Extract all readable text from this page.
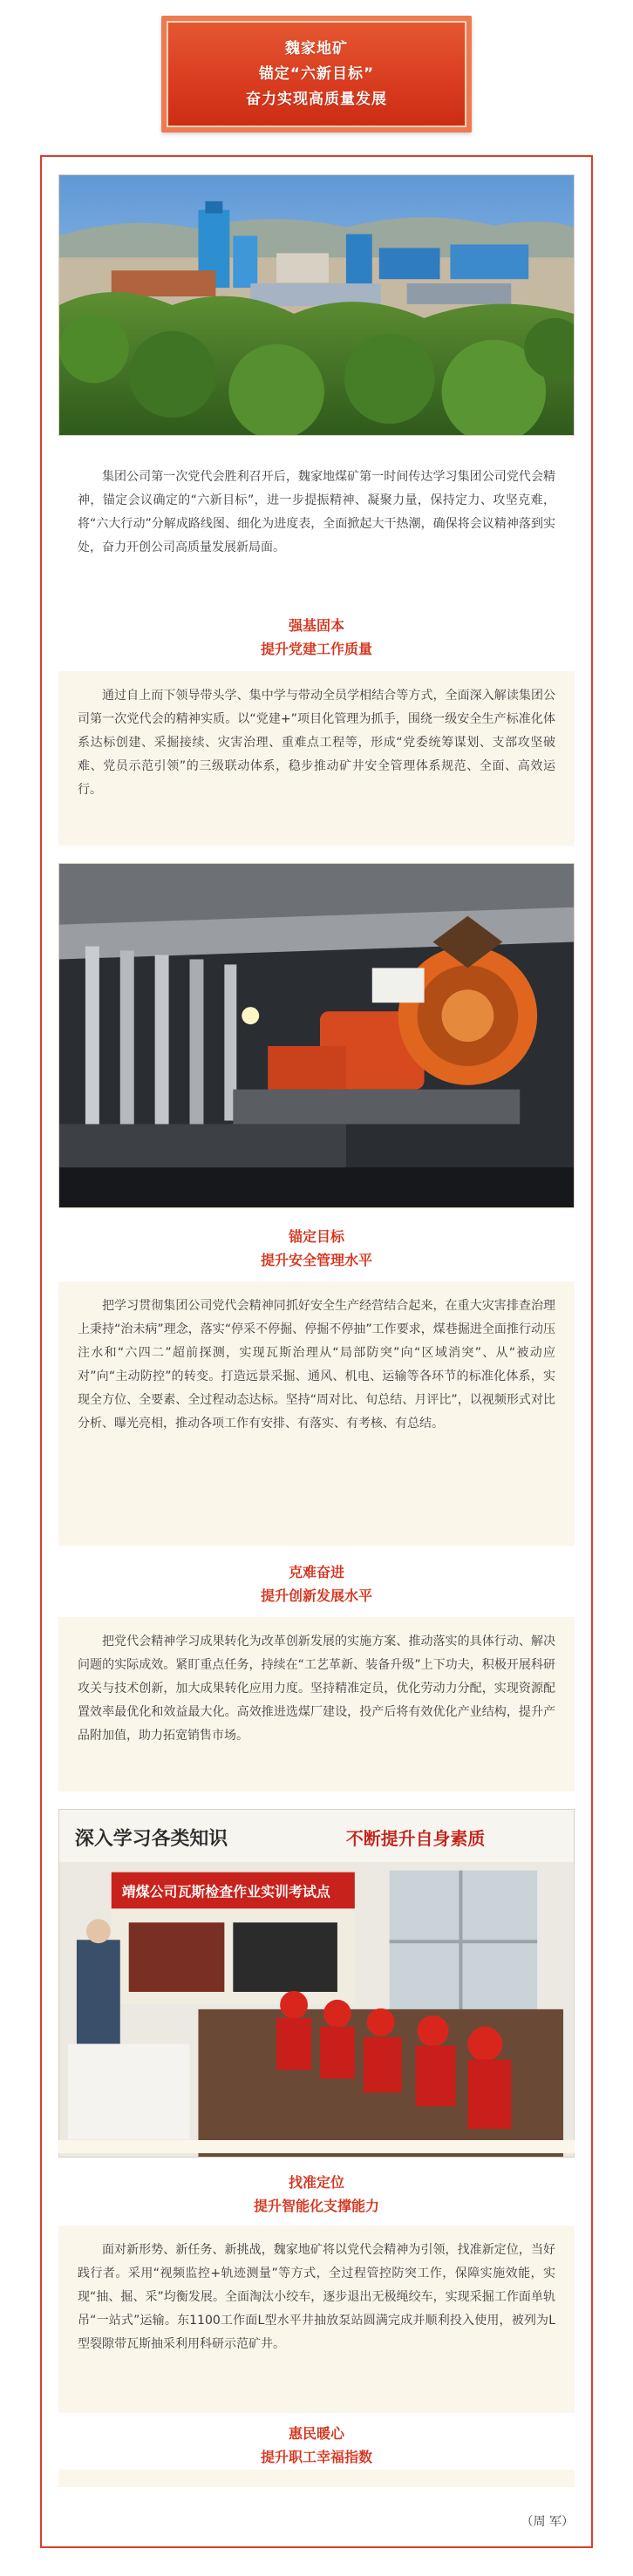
魏家地矿
锚定“六新目标”
奋力实现高质量发展

集团公司第一次党代会胜利召开后，魏家地煤矿第一时间传达学习集团公司党代会精神，锚定会议确定的“六新目标”，进一步提振精神、凝聚力量，保持定力、攻坚克难，将“六大行动”分解成路线图、细化为进度表，全面掀起大干热潮，确保将会议精神落到实处，奋力开创公司高质量发展新局面。

强基固本
提升党建工作质量

通过自上而下领导带头学、集中学与带动全员学相结合等方式，全面深入解读集团公司第一次党代会的精神实质。以“党建+”项目化管理为抓手，围绕一级安全生产标准化体系达标创建、采掘接续、灾害治理、重难点工程等，形成“党委统筹谋划、支部攻坚破难、党员示范引领”的三级联动体系，稳步推动矿井安全管理体系规范、全面、高效运行。

锚定目标
提升安全管理水平

把学习贯彻集团公司党代会精神同抓好安全生产经营结合起来，在重大灾害排查治理上秉持“治未病”理念，落实“停采不停掘、停掘不停抽”工作要求，煤巷掘进全面推行动压注水和“六四二”超前探测，实现瓦斯治理从“局部防突”向“区域消突”、从“被动应对”向“主动防控”的转变。打造远景采掘、通风、机电、运输等各环节的标准化体系，实现全方位、全要素、全过程动态达标。坚持“周对比、旬总结、月评比”，以视频形式对比分析、曝光亮相，推动各项工作有安排、有落实、有考核、有总结。

克难奋进
提升创新发展水平

把党代会精神学习成果转化为改革创新发展的实施方案、推动落实的具体行动、解决问题的实际成效。紧盯重点任务，持续在“工艺革新、装备升级”上下功夫，积极开展科研攻关与技术创新，加大成果转化应用力度。坚持精准定员，优化劳动力分配，实现资源配置效率最优化和效益最大化。高效推进选煤厂建设，投产后将有效优化产业结构，提升产品附加值，助力拓宽销售市场。

深入学习各类知识	不断提升自身素质
靖煤公司瓦斯检查作业实训考试点
找准定位
提升智能化支撑能力

面对新形势、新任务、新挑战，魏家地矿将以党代会精神为引领，找准新定位，当好践行者。采用“视频监控+轨迹测量”等方式，全过程管控防突工作，保障实施效能，实现“抽、掘、采”均衡发展。全面淘汰小绞车，逐步退出无极绳绞车，实现采掘工作面单轨吊“一站式”运输。东1100工作面L型水平井抽放泵站圆满完成并顺利投入使用，被列为L型裂隙带瓦斯抽采利用科研示范矿井。

惠民暖心
提升职工幸福指数
（周 军）
